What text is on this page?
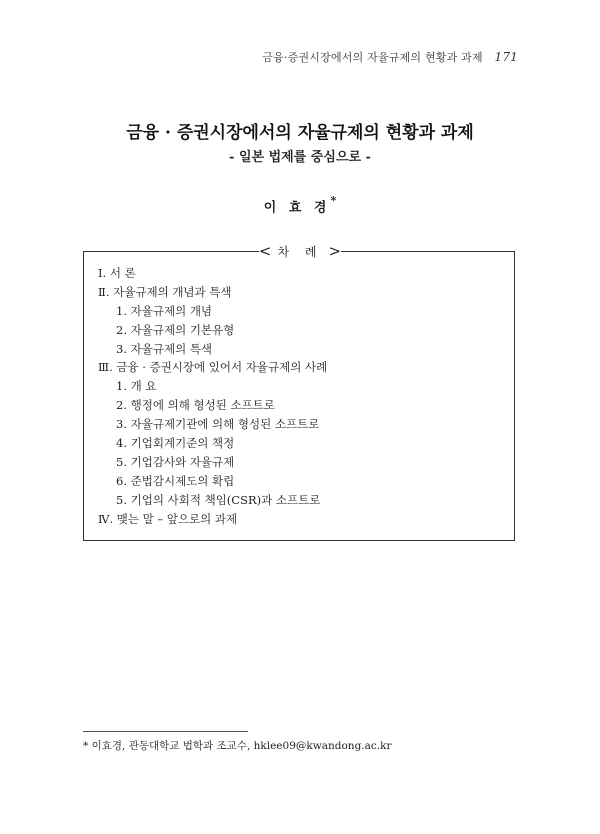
금융·증권시장에서의 자율규제의 현황과 과제 171
금융 · 증권시장에서의 자율규제의 현황과 과제
- 일본 법제를 중심으로 -
이 효 경*
< 차 례 >
Ⅰ. 서 론
Ⅱ. 자율규제의 개념과 특색
1. 자율규제의 개념
2. 자율규제의 기본유형
3. 자율규제의 특색
Ⅲ. 금융 · 증권시장에 있어서 자율규제의 사례
1. 개 요
2. 행정에 의해 형성된 소프트로
3. 자율규제기관에 의해 형성된 소프트로
4. 기업회계기준의 책정
5. 기업감사와 자율규제
6. 준법감시제도의 확립
5. 기업의 사회적 책임(CSR)과 소프트로
Ⅳ. 맺는 말 – 앞으로의 과제
* 이효경, 관동대학교 법학과 조교수, hklee09@kwandong.ac.kr
